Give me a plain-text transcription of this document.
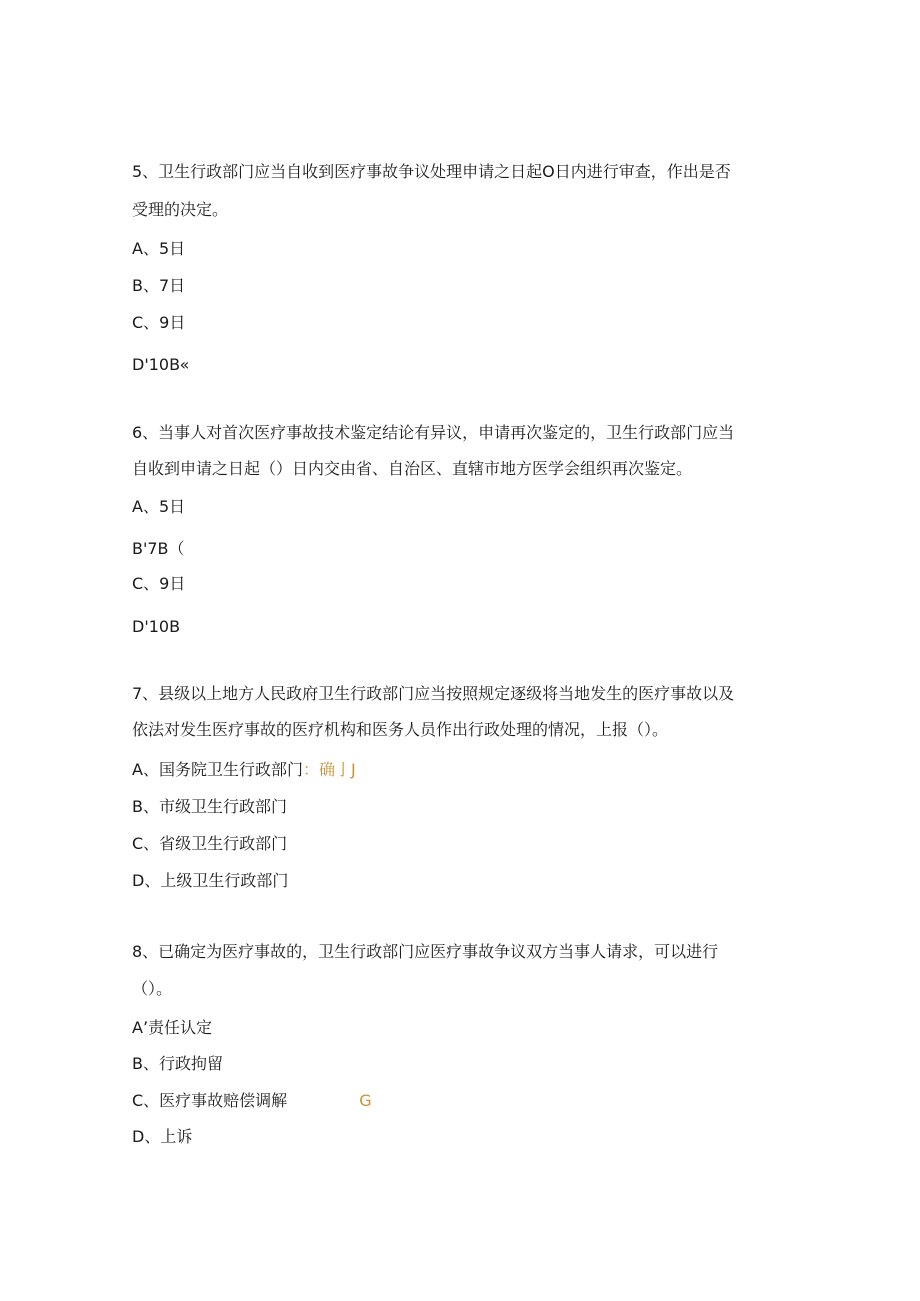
5、卫生行政部门应当自收到医疗事故争议处理申请之日起O日内进行审查，作出是否
受理的决定。
A、5日
B、7日
C、9日
D'10B«
6、当事人对首次医疗事故技术鉴定结论有异议，申请再次鉴定的，卫生行政部门应当
自收到申请之日起（）日内交由省、自治区、直辖市地方医学会组织再次鉴定。
A、5日
B'7B（
C、9日
D'10B
7、县级以上地方人民政府卫生行政部门应当按照规定逐级将当地发生的医疗事故以及
依法对发生医疗事故的医疗机构和医务人员作出行政处理的情况，上报（）。
A、国务院卫生行政部门：确亅J
B、市级卫生行政部门
C、省级卫生行政部门
D、上级卫生行政部门
8、已确定为医疗事故的，卫生行政部门应医疗事故争议双方当事人请求，可以进行
（）。
A’责任认定
B、行政拘留
C、医疗事故赔偿调解	G
D、上诉
